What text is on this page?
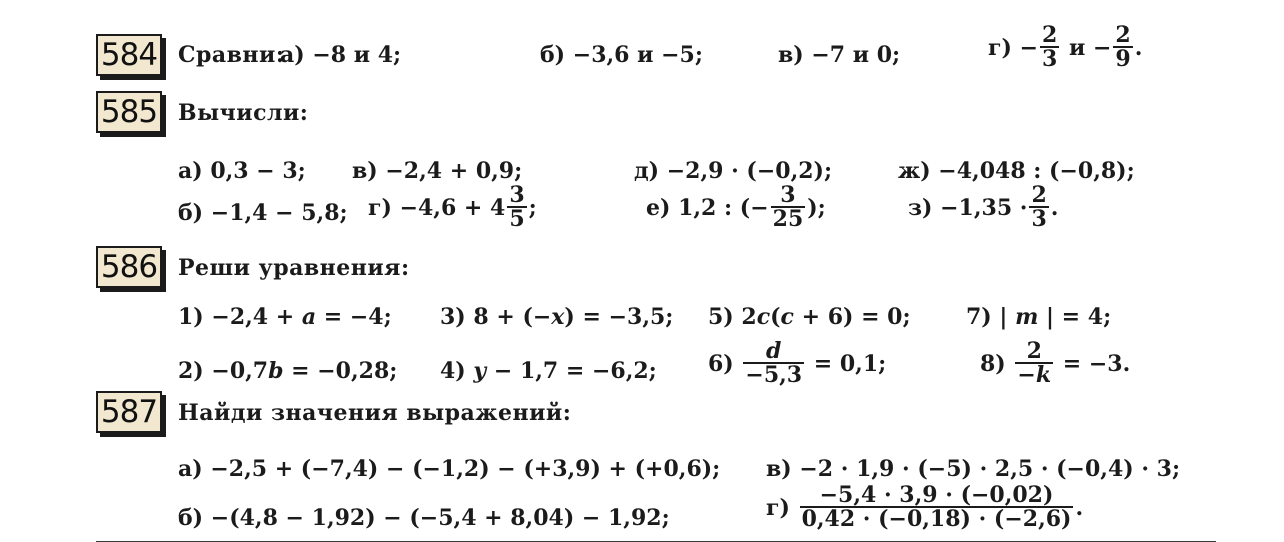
584 Сравни:
а) −8 и 4;	б) −3,6 и −5;	в) −7 и 0;	$г) - \frac{2}{3}$ $и - \frac{2}{9}$ .
585 Вычисли:
а) 0,3 − 3; в) −2,4 + 0,9;	д) −2,9 · (−0,2);	ж) −4,048 : (−0,8);
б) −1,4 − 5,8; $г) -4,6 + 4 \frac{3}{5}$ ;	е) 1,2 : (− $\frac{3}{25}$ );	$з) -1,35 \cdot \frac{2}{3}$ .
586 Реши уравнения:
1) −2,4 + a = −4; 3) 8 + (−x) = −3,5; 5) 2c(c + 6) = 0;	7) | m | = 4;
2) −0,7b = −0,28; 4) y − 1,7 = −6,2; $6) \frac{d}{-5,3} = 0,1$;	$8) \frac{2}{-k} = -3$.
587 Найди значения выражений:
а) −2,5 + (−7,4) − (−1,2) − (+3,9) + (+0,6); в) −2 · 1,9 · (−5) · 2,5 · (−0,4) · 3;
б) −(4,8 − 1,92) − (−5,4 + 8,04) − 1,92;	$г) \frac{-5,4 \cdot 3,9 \cdot (-0,02)}{0,42 \cdot (-0,18) \cdot (-2,6)}$ .
